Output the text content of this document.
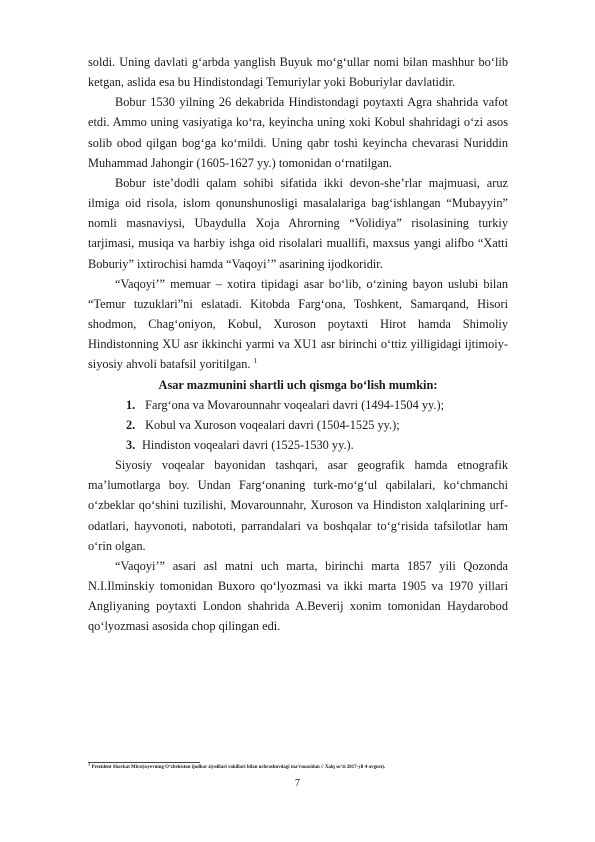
soldi. Uning davlati g‘arbda yanglish Buyuk mo‘g‘ullar nomi bilan mashhur bo‘lib ketgan, aslida esa bu Hindistondagi Temuriylar yoki Boburiylar davlatidir.

Bobur 1530 yilning 26 dekabrida Hindistondagi poytaxti Agra shahrida vafot etdi. Ammo uning vasiyatiga ko‘ra, keyincha uning xoki Kobul shahridagi o‘zi asos solib obod qilgan bog‘ga ko‘mildi. Uning qabr toshi keyincha chevarasi Nuriddin Muhammad Jahongir (1605-1627 yy.) tomonidan o‘rnatilgan.

Bobur iste’dodli qalam sohibi sifatida ikki devon-she’rlar majmuasi, aruz ilmiga oid risola, islom qonunshunosligi masalalariga bag‘ishlangan “Mubayyin” nomli masnaviysi, Ubaydulla Xoja Ahrorning “Volidiya” risolasining turkiy tarjimasi, musiqa va harbiy ishga oid risolalari muallifi, maxsus yangi alifbo “Xatti Boburiy” ixtirochisi hamda “Vaqoyi’” asarining ijodkoridir.

“Vaqoyi’” memuar – xotira tipidagi asar bo‘lib, o‘zining bayon uslubi bilan “Temur tuzuklari”ni eslatadi. Kitobda Farg‘ona, Toshkent, Samarqand, Hisori shodmon, Chag‘oniyon, Kobul, Xuroson poytaxti Hirot hamda Shimoliy Hindistonning XU asr ikkinchi yarmi va XU1 asr birinchi o‘ttiz yilligidagi ijtimoiy-siyosiy ahvoli batafsil yoritilgan. $^1$

Asar mazmunini shartli uch qismga bo‘lish mumkin:

1. Farg‘ona va Movarounnahr voqealari davri (1494-1504 yy.);

2. Kobul va Xuroson voqealari davri (1504-1525 yy.);

3. Hindiston voqealari davri (1525-1530 yy.).

Siyosiy voqealar bayonidan tashqari, asar geografik hamda etnografik ma’lumotlarga boy. Undan Farg‘onaning turk-mo‘g‘ul qabilalari, ko‘chmanchi o‘zbeklar qo‘shini tuzilishi, Movarounnahr, Xuroson va Hindiston xalqlarining urf-odatlari, hayvonoti, nabototi, parrandalari va boshqalar to‘g‘risida tafsilotlar ham o‘rin olgan.

“Vaqoyi’” asari asl matni uch marta, birinchi marta 1857 yili Qozonda N.I.Ilminskiy tomonidan Buxoro qo‘lyozmasi va ikki marta 1905 va 1970 yillari Angliyaning poytaxti London shahrida A.Beverij xonim tomonidan Haydarobod qo‘lyozmasi asosida chop qilingan edi.

$^1$ Prezident Shavkat Mirziyoyevning O‘zbekiston ijodkor ziyolilari vakillari bilan uchrashuvdagi ma’ruzasidan // Xalq so‘zi 2017-yil 4-avgust).
7
